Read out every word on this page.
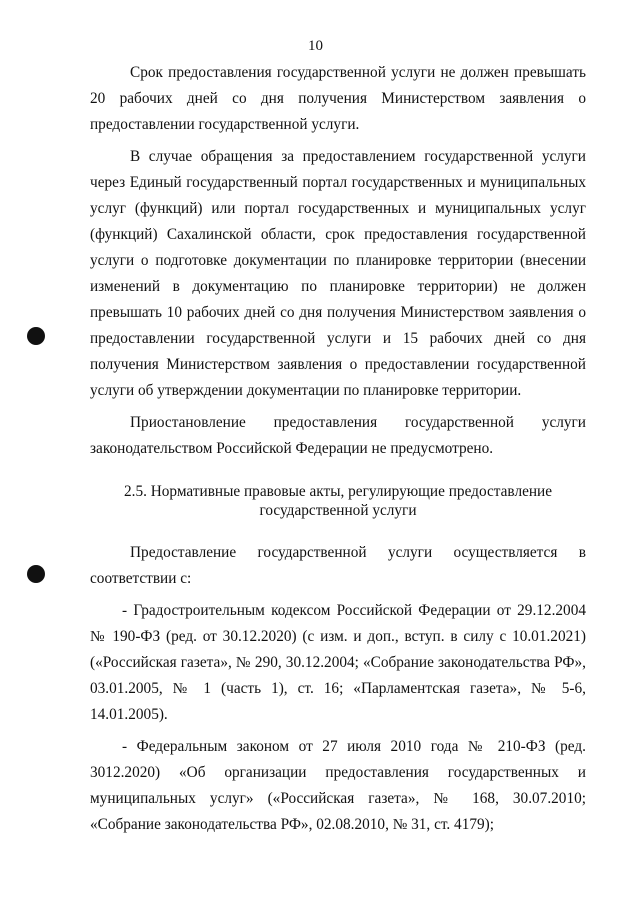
10

Срок предоставления государственной услуги не должен превышать 20 рабочих дней со дня получения Министерством заявления о предоставлении государственной услуги.

В случае обращения за предоставлением государственной услуги через Единый государственный портал государственных и муниципальных услуг (функций) или портал государственных и муниципальных услуг (функций) Сахалинской области, срок предоставления государственной услуги о подготовке документации по планировке территории (внесении изменений в документацию по планировке территории) не должен превышать 10 рабочих дней со дня получения Министерством заявления о предоставлении государственной услуги и 15 рабочих дней со дня получения Министерством заявления о предоставлении государственной услуги об утверждении документации по планировке территории.

Приостановление предоставления государственной услуги законодательством Российской Федерации не предусмотрено.

2.5. Нормативные правовые акты, регулирующие предоставление
государственной услуги

Предоставление государственной услуги осуществляется в соответствии с:

- Градостроительным кодексом Российской Федерации от 29.12.2004 № 190-ФЗ (ред. от 30.12.2020) (с изм. и доп., вступ. в силу с 10.01.2021) («Российская газета», № 290, 30.12.2004; «Собрание законодательства РФ», 03.01.2005, № 1 (часть 1), ст. 16; «Парламентская газета», № 5-6, 14.01.2005).

- Федеральным законом от 27 июля 2010 года № 210-ФЗ (ред. 3012.2020) «Об организации предоставления государственных и муниципальных услуг» («Российская газета», № 168, 30.07.2010; «Собрание законодательства РФ», 02.08.2010, № 31, ст. 4179);
